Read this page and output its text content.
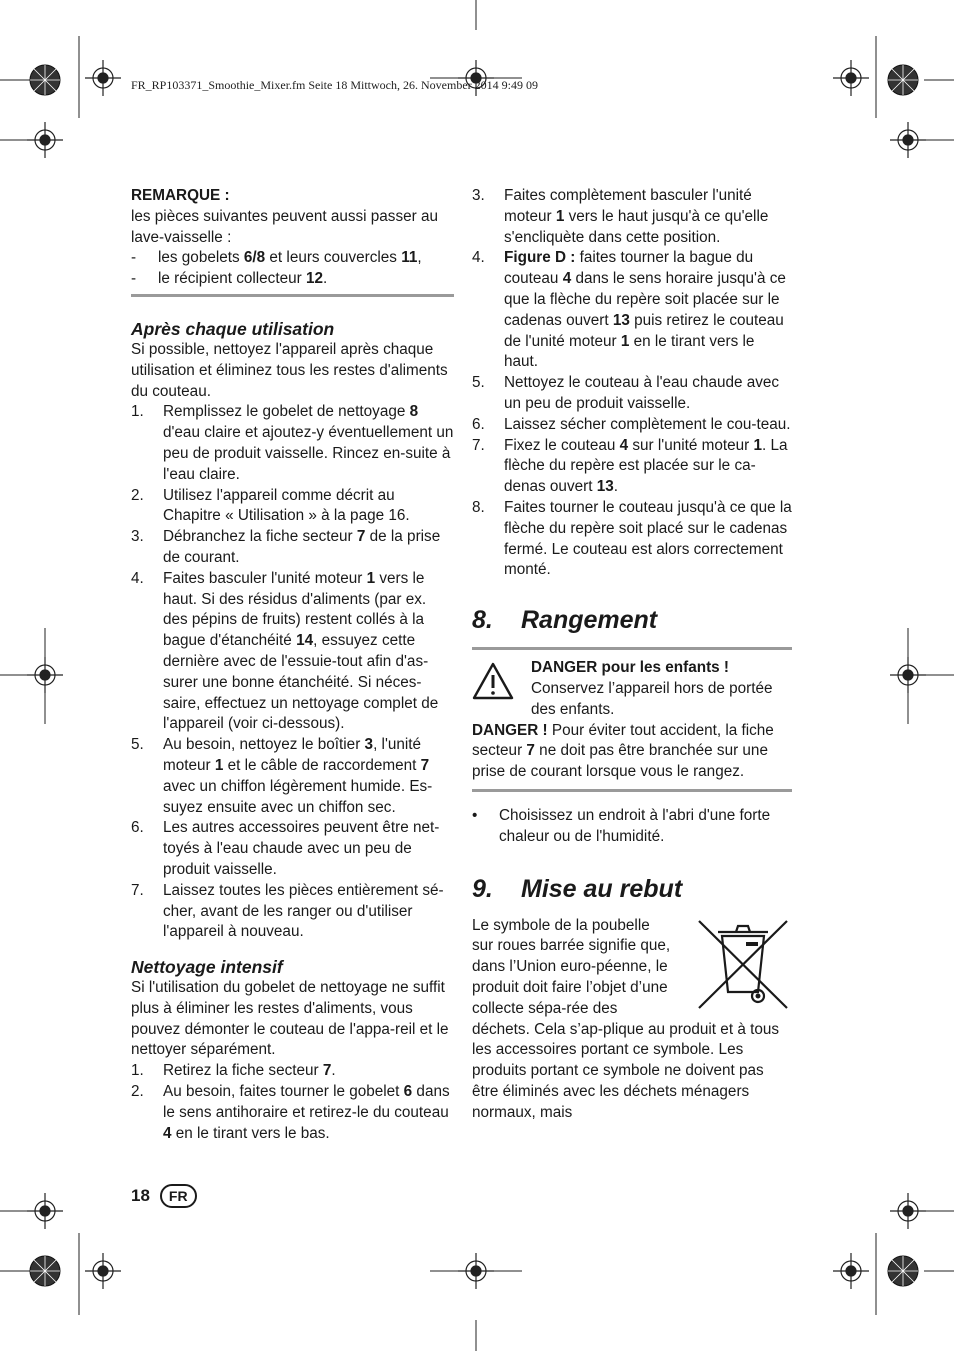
FR_RP103371_Smoothie_Mixer.fm Seite 18 Mittwoch, 26. November 2014 9:49 09

REMARQUE :

les pièces suivantes peuvent aussi passer au lave-vaisselle :

-	les gobelets 6/8 et leurs couvercles 11,

-	le récipient collecteur 12.

Après chaque utilisation

Si possible, nettoyez l'appareil après chaque utilisation et éliminez tous les restes d'aliments du couteau.

1.	Remplissez le gobelet de nettoyage 8 d'eau claire et ajoutez-y éventuellement un peu de produit vaisselle. Rincez en-suite à l'eau claire.
2.	Utilisez l'appareil comme décrit au Chapitre « Utilisation » à la page 16.
3.	Débranchez la fiche secteur 7 de la prise de courant.
4.	Faites basculer l'unité moteur 1 vers le haut. Si des résidus d'aliments (par ex. des pépins de fruits) restent collés à la bague d'étanchéité 14, essuyez cette dernière avec de l'essuie-tout afin d'as-surer une bonne étanchéité. Si néces-saire, effectuez un nettoyage complet de l'appareil (voir ci-dessous).
5.	Au besoin, nettoyez le boîtier 3, l'unité moteur 1 et le câble de raccordement 7 avec un chiffon légèrement humide. Es-suyez ensuite avec un chiffon sec.
6.	Les autres accessoires peuvent être net-toyés à l'eau chaude avec un peu de produit vaisselle.
7.	Laissez toutes les pièces entièrement sé-cher, avant de les ranger ou d'utiliser l'appareil à nouveau.
Nettoyage intensif

Si l'utilisation du gobelet de nettoyage ne suffit plus à éliminer les restes d'aliments, vous pouvez démonter le couteau de l'appa-reil et le nettoyer séparément.

1.	Retirez la fiche secteur 7.
2.	Au besoin, faites tourner le gobelet 6 dans le sens antihoraire et retirez-le du couteau 4 en le tirant vers le bas.
3.	Faites complètement basculer l'unité moteur 1 vers le haut jusqu'à ce qu'elle s'encliquète dans cette position.
4.	Figure D : faites tourner la bague du couteau 4 dans le sens horaire jusqu'à ce que la flèche du repère soit placée sur le cadenas ouvert 13 puis retirez le couteau de l'unité moteur 1 en le tirant vers le haut.
5.	Nettoyez le couteau à l'eau chaude avec un peu de produit vaisselle.
6.	Laissez sécher complètement le cou-teau.
7.	Fixez le couteau 4 sur l'unité moteur 1. La flèche du repère est placée sur le ca-denas ouvert 13.
8.	Faites tourner le couteau jusqu'à ce que la flèche du repère soit placé sur le cadenas fermé. Le couteau est alors correctement monté.
8.	Rangement

DANGER pour les enfants !

Conservez l’appareil hors de portée des enfants.

DANGER ! Pour éviter tout accident, la fiche secteur 7 ne doit pas être branchée sur une prise de courant lorsque vous le rangez.

•	Choisissez un endroit à l'abri d'une forte chaleur ou de l'humidité.

9.	Mise au rebut

Le symbole de la poubelle sur roues barrée signifie que, dans l’Union euro-péenne, le produit doit faire l’objet d’une collecte sépa-rée des déchets. Cela s’ap-plique au produit et à tous les accessoires portant ce symbole. Les produits portant ce symbole ne doivent pas être éliminés avec les déchets ménagers normaux, mais

18	FR
